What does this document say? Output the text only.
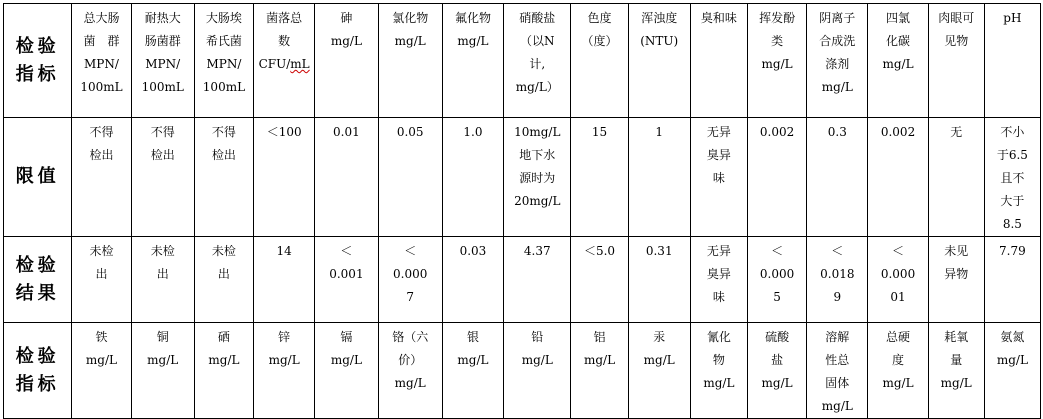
检验
指标	总大肠
菌　群
MPN/
100mL	耐热大
肠菌群
MPN/
100mL	大肠埃
希氏菌
MPN/
100mL	菌落总
数
CFU/mL	砷
mg/L	氯化物
mg/L	氟化物
mg/L	硝酸盐
（以N
计,
mg/L）	色度
（度）	浑浊度
(NTU)	臭和味	挥发酚
类
mg/L	阴离子
合成洗
涤剂
mg/L	四氯
化碳
mg/L	肉眼可
见物	pH

限值	不得
检出	不得
检出	不得
检出	＜100	0.01	0.05	1.0	10mg/L
地下水
源时为
20mg/L	15	1	无异
臭异
味	0.002	0.3	0.002	无	不小
于6.5
且不
大于
8.5

检验
结果	未检
出	未检
出	未检
出	14	＜
0.001	＜
0.000
7	0.03	4.37	＜5.0	0.31	无异
臭异
味	＜
0.000
5	＜
0.018
9	＜
0.000
01	未见
异物	7.79

检验
指标	铁
mg/L	铜
mg/L	硒
mg/L	锌
mg/L	镉
mg/L	铬（六
价）
mg/L	银
mg/L	铅
mg/L	铝
mg/L	汞
mg/L	氰化
物
mg/L	硫酸
盐
mg/L	溶解
性总
固体
mg/L	总硬
度
mg/L	耗氧
量
mg/L	氨氮
mg/L
